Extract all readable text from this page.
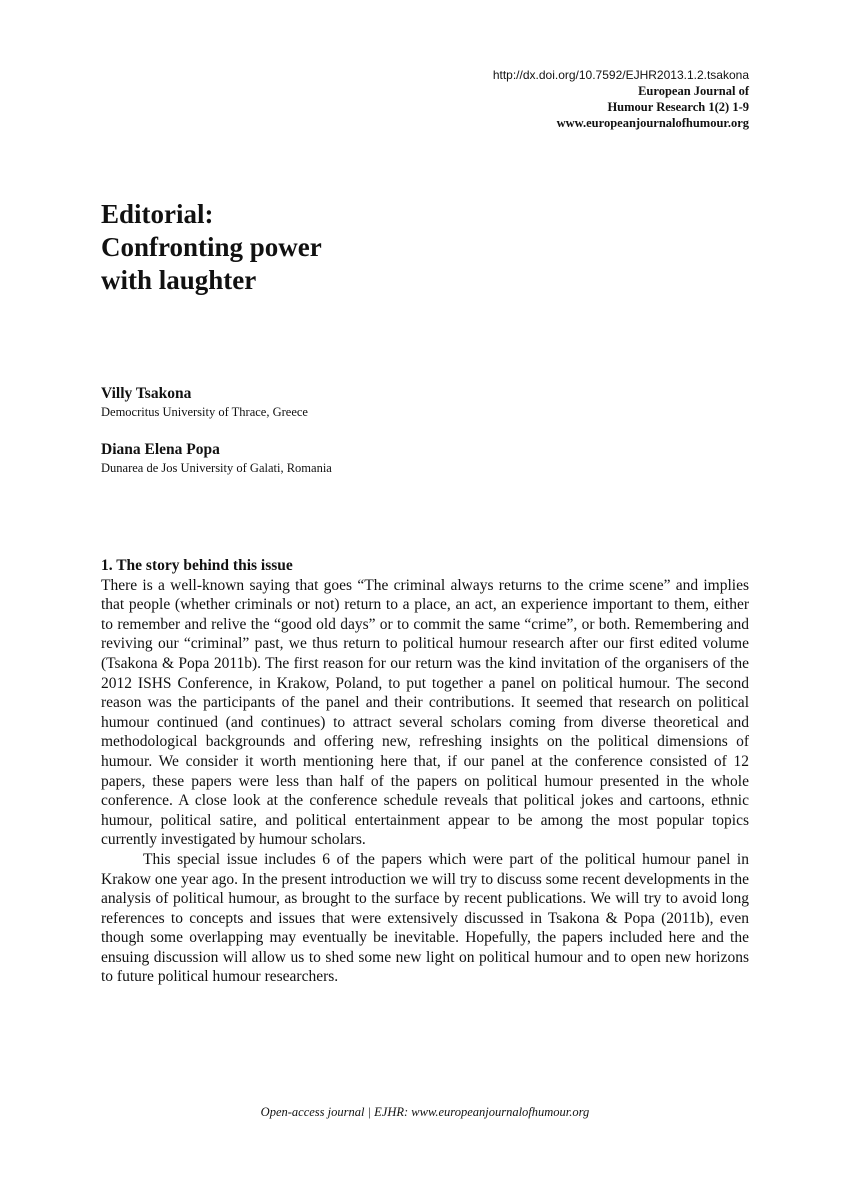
http://dx.doi.org/10.7592/EJHR2013.1.2.tsakona
European Journal of
Humour Research 1(2) 1-9
www.europeanjournalofhumour.org
Editorial:
Confronting power
with laughter
Villy Tsakona
Democritus University of Thrace, Greece
Diana Elena Popa
Dunarea de Jos University of Galati, Romania
1. The story behind this issue

There is a well-known saying that goes “The criminal always returns to the crime scene” and implies that people (whether criminals or not) return to a place, an act, an experience important to them, either to remember and relive the “good old days” or to commit the same “crime”, or both. Remembering and reviving our “criminal” past, we thus return to political humour research after our first edited volume (Tsakona & Popa 2011b). The first reason for our return was the kind invitation of the organisers of the 2012 ISHS Conference, in Krakow, Poland, to put together a panel on political humour. The second reason was the participants of the panel and their contributions. It seemed that research on political humour continued (and continues) to attract several scholars coming from diverse theoretical and methodological backgrounds and offering new, refreshing insights on the political dimensions of humour. We consider it worth mentioning here that, if our panel at the conference consisted of 12 papers, these papers were less than half of the papers on political humour presented in the whole conference. A close look at the conference schedule reveals that political jokes and cartoons, ethnic humour, political satire, and political entertainment appear to be among the most popular topics currently investigated by humour scholars.

This special issue includes 6 of the papers which were part of the political humour panel in Krakow one year ago. In the present introduction we will try to discuss some recent developments in the analysis of political humour, as brought to the surface by recent publications. We will try to avoid long references to concepts and issues that were extensively discussed in Tsakona & Popa (2011b), even though some overlapping may eventually be inevitable. Hopefully, the papers included here and the ensuing discussion will allow us to shed some new light on political humour and to open new horizons to future political humour researchers.

Open-access journal | EJHR: www.europeanjournalofhumour.org
